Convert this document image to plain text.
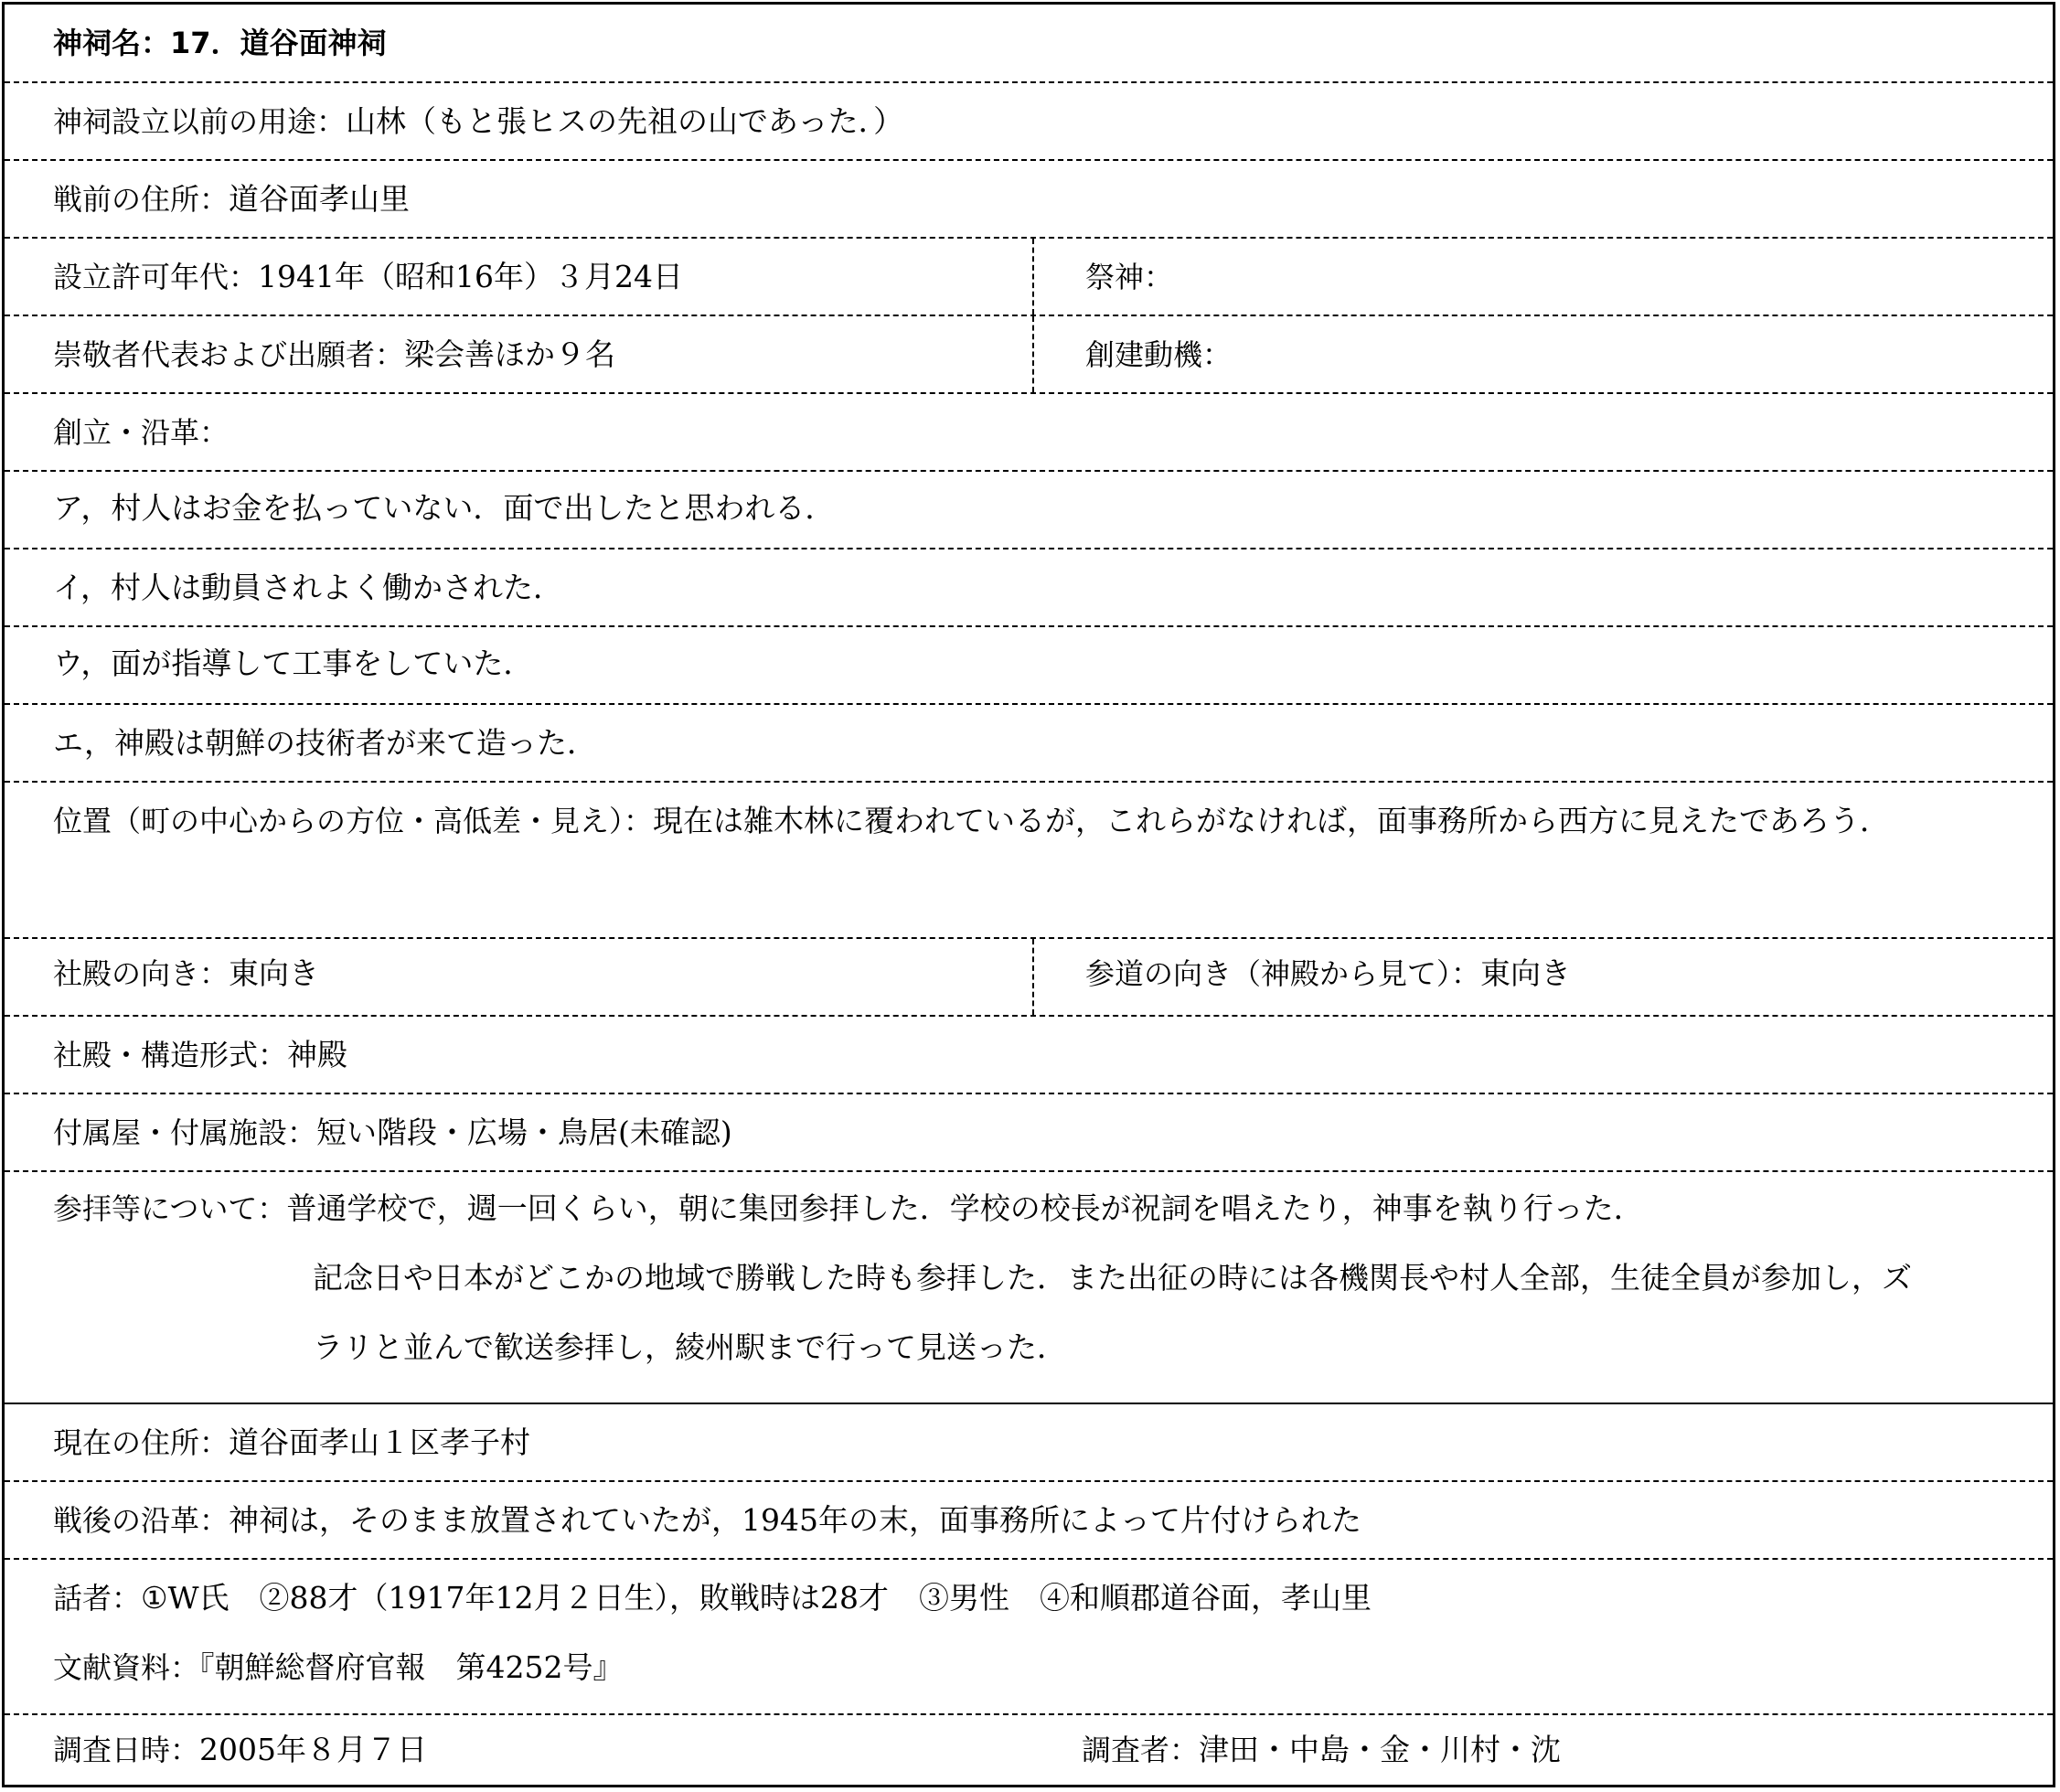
神祠名：17．道谷面神祠
神祠設立以前の用途：山林（もと張ヒスの先祖の山であった．）
戦前の住所：道谷面孝山里
設立許可年代：1941年（昭和16年）３月24日	祭神：
崇敬者代表および出願者：梁会善ほか９名	創建動機：
創立・沿革：
ア，村人はお金を払っていない．面で出したと思われる．
イ，村人は動員されよく働かされた．
ウ，面が指導して工事をしていた．
エ，神殿は朝鮮の技術者が来て造った．
位置（町の中心からの方位・高低差・見え）：現在は雑木林に覆われているが，これらがなければ，面事務所から西方に見えたであろう．
社殿の向き：東向き	参道の向き（神殿から見て）：東向き
社殿・構造形式：神殿
付属屋・付属施設：短い階段・広場・鳥居(未確認)
参拝等について：普通学校で，週一回くらい，朝に集団参拝した．学校の校長が祝詞を唱えたり，神事を執り行った．
記念日や日本がどこかの地域で勝戦した時も参拝した．また出征の時には各機関長や村人全部，生徒全員が参加し，ズ
ラリと並んで歓送参拝し，綾州駅まで行って見送った．
現在の住所：道谷面孝山１区孝子村
戦後の沿革：神祠は，そのまま放置されていたが，1945年の末，面事務所によって片付けられた
話者：①W氏　②88才（1917年12月２日生），敗戦時は28才　③男性　④和順郡道谷面，孝山里
文献資料：『朝鮮総督府官報　第4252号』
調査日時：2005年８月７日	調査者：津田・中島・金・川村・沈
